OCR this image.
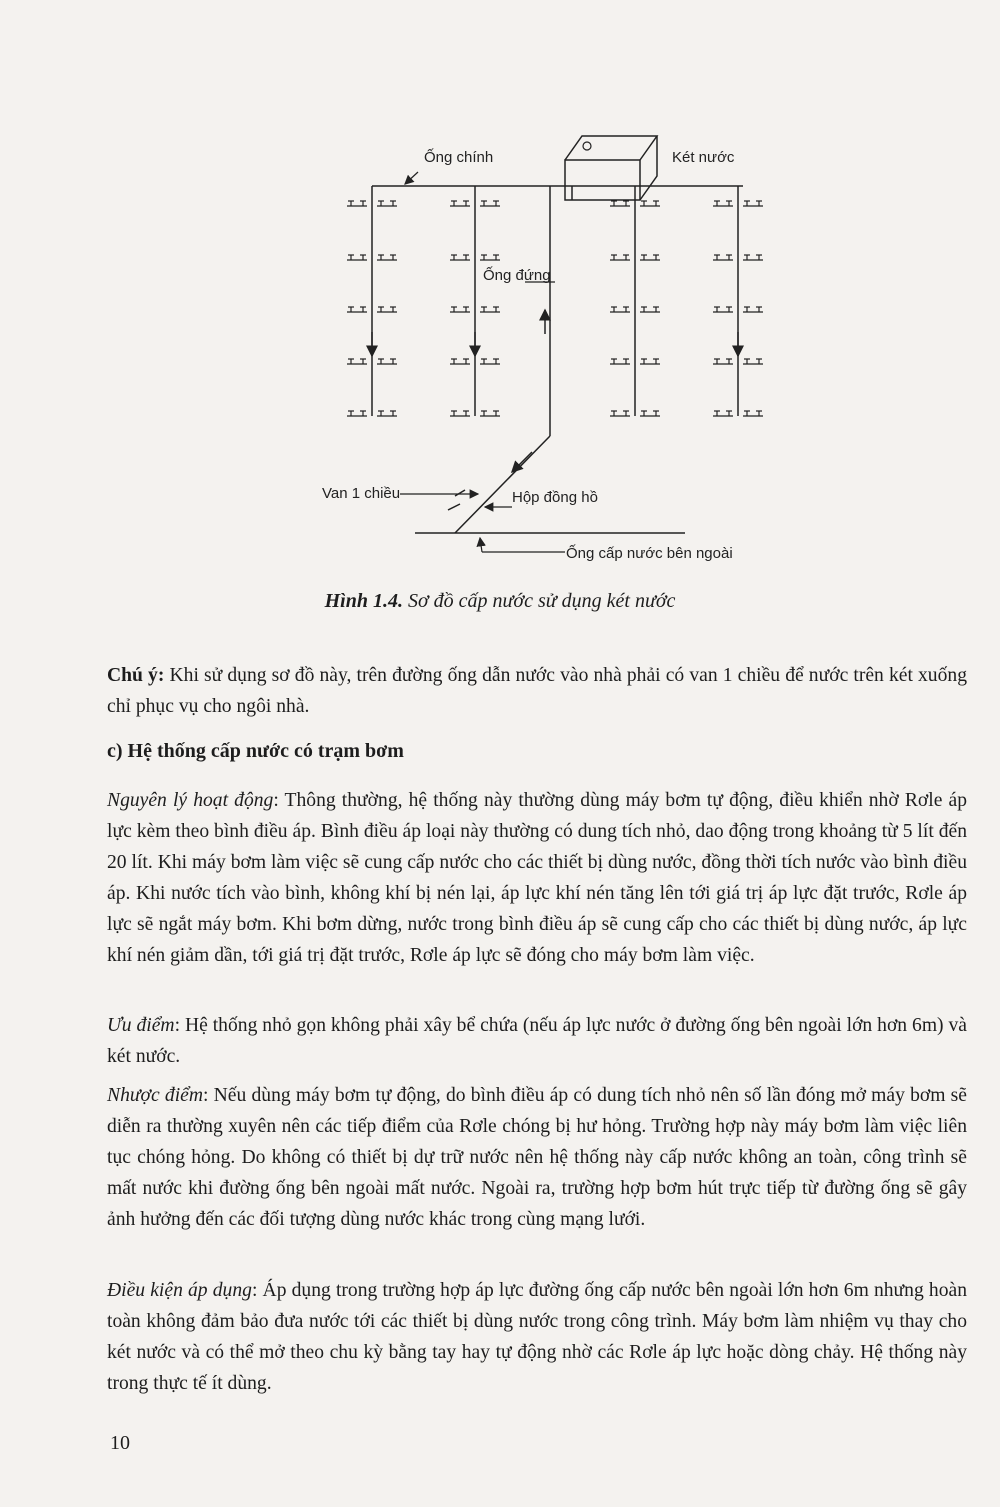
Ống chính	Két nước
Ống đứng
Van 1 chiều	Hộp đồng hồ
Ống cấp nước bên ngoài

Hình 1.4. Sơ đồ cấp nước sử dụng két nước

Chú ý: Khi sử dụng sơ đồ này, trên đường ống dẫn nước vào nhà phải có van 1 chiều để nước trên két xuống chỉ phục vụ cho ngôi nhà.

c) Hệ thống cấp nước có trạm bơm

Nguyên lý hoạt động: Thông thường, hệ thống này thường dùng máy bơm tự động, điều khiển nhờ Rơle áp lực kèm theo bình điều áp. Bình điều áp loại này thường có dung tích nhỏ, dao động trong khoảng từ 5 lít đến 20 lít. Khi máy bơm làm việc sẽ cung cấp nước cho các thiết bị dùng nước, đồng thời tích nước vào bình điều áp. Khi nước tích vào bình, không khí bị nén lại, áp lực khí nén tăng lên tới giá trị áp lực đặt trước, Rơle áp lực sẽ ngắt máy bơm. Khi bơm dừng, nước trong bình điều áp sẽ cung cấp cho các thiết bị dùng nước, áp lực khí nén giảm dần, tới giá trị đặt trước, Rơle áp lực sẽ đóng cho máy bơm làm việc.

Ưu điểm: Hệ thống nhỏ gọn không phải xây bể chứa (nếu áp lực nước ở đường ống bên ngoài lớn hơn 6m) và két nước.

Nhược điểm: Nếu dùng máy bơm tự động, do bình điều áp có dung tích nhỏ nên số lần đóng mở máy bơm sẽ diễn ra thường xuyên nên các tiếp điểm của Rơle chóng bị hư hỏng. Trường hợp này máy bơm làm việc liên tục chóng hỏng. Do không có thiết bị dự trữ nước nên hệ thống này cấp nước không an toàn, công trình sẽ mất nước khi đường ống bên ngoài mất nước. Ngoài ra, trường hợp bơm hút trực tiếp từ đường ống sẽ gây ảnh hưởng đến các đối tượng dùng nước khác trong cùng mạng lưới.

Điều kiện áp dụng: Áp dụng trong trường hợp áp lực đường ống cấp nước bên ngoài lớn hơn 6m nhưng hoàn toàn không đảm bảo đưa nước tới các thiết bị dùng nước trong công trình. Máy bơm làm nhiệm vụ thay cho két nước và có thể mở theo chu kỳ bằng tay hay tự động nhờ các Rơle áp lực hoặc dòng chảy. Hệ thống này trong thực tế ít dùng.

10
